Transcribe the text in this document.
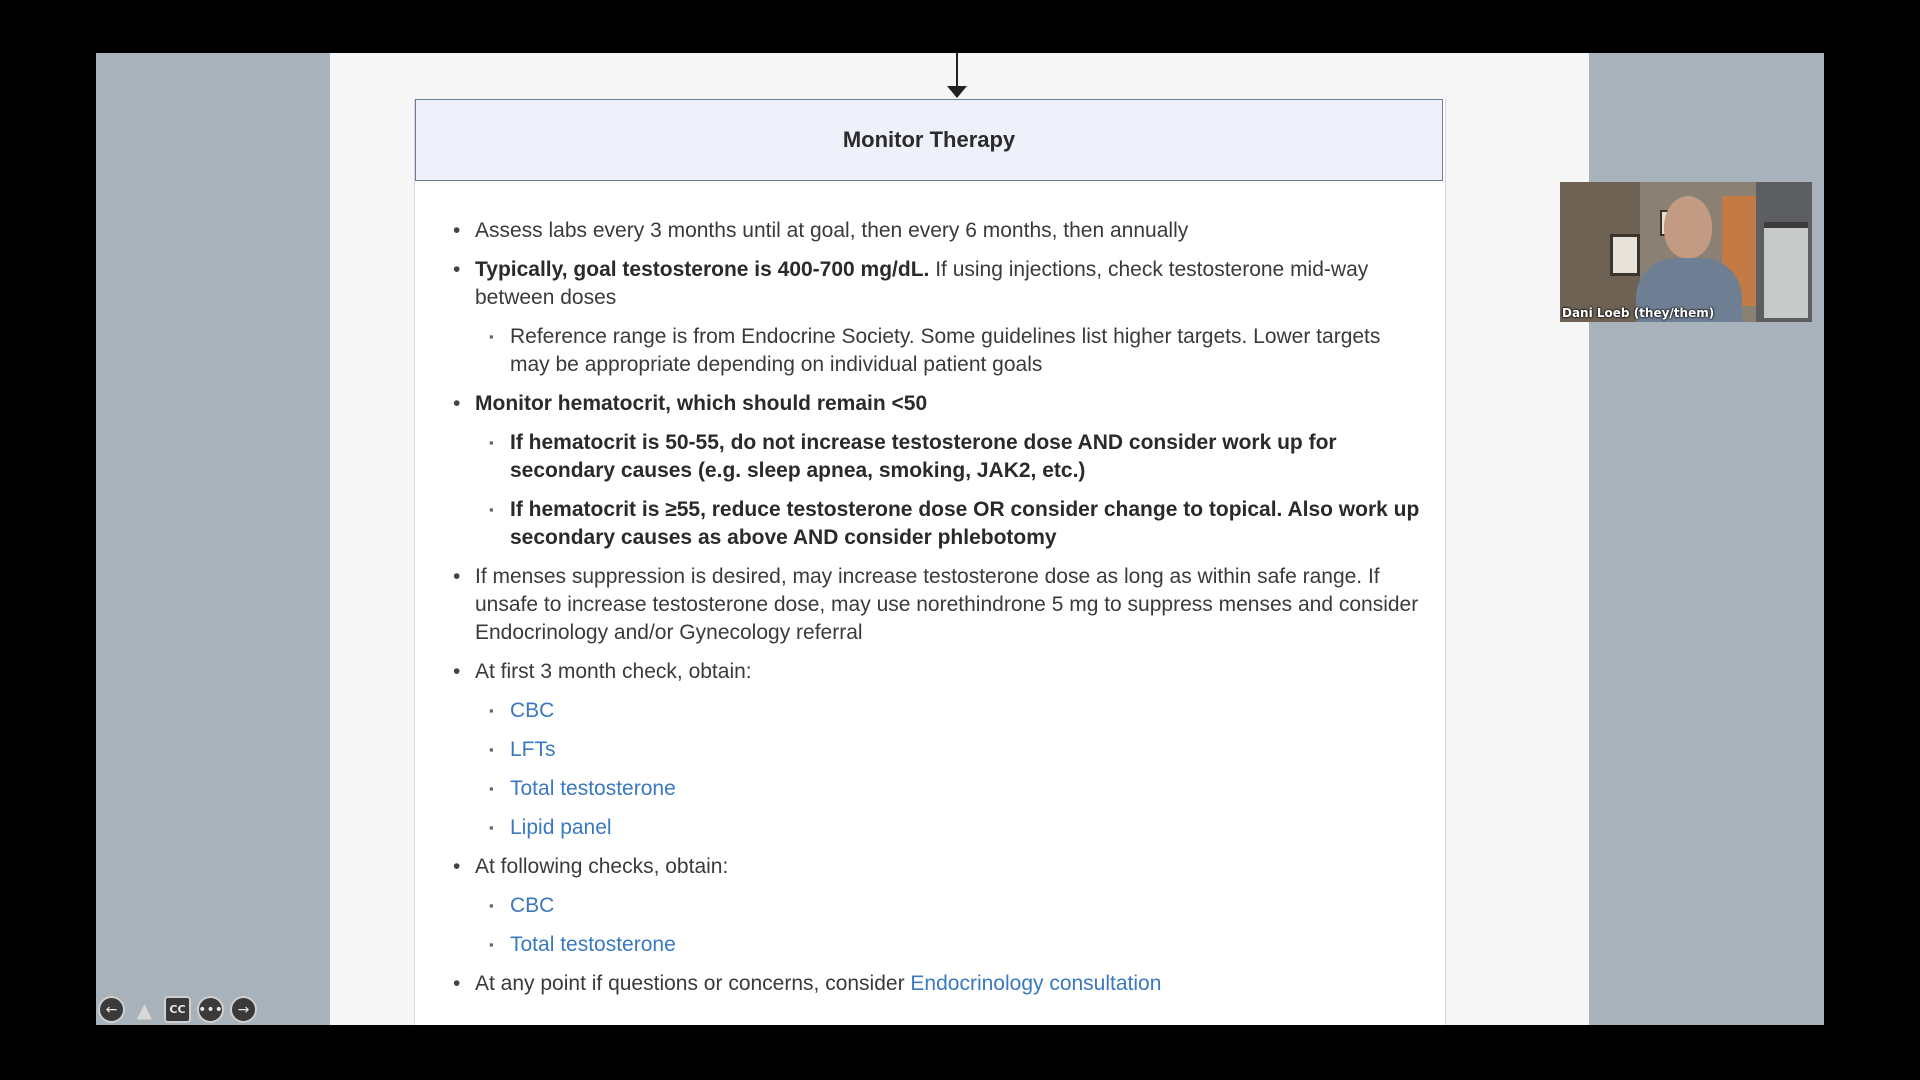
Monitor Therapy
• Assess labs every 3 months until at goal, then every 6 months, then annually
• Typically, goal testosterone is 400-700 mg/dL. If using injections, check testosterone mid-way between doses
▪ Reference range is from Endocrine Society. Some guidelines list higher targets. Lower targets may be appropriate depending on individual patient goals
• Monitor hematocrit, which should remain <50
▪ If hematocrit is 50-55, do not increase testosterone dose AND consider work up for secondary causes (e.g. sleep apnea, smoking, JAK2, etc.)
▪ If hematocrit is ≥55, reduce testosterone dose OR consider change to topical. Also work up secondary causes as above AND consider phlebotomy
• If menses suppression is desired, may increase testosterone dose as long as within safe range. If unsafe to increase testosterone dose, may use norethindrone 5 mg to suppress menses and consider Endocrinology and/or Gynecology referral
• At first 3 month check, obtain:
▪ CBC
▪ LFTs
▪ Total testosterone
▪ Lipid panel
• At following checks, obtain:
▪ CBC
▪ Total testosterone
• At any point if questions or concerns, consider Endocrinology consultation
Dani Loeb (they/them)
← ▲	CC •••	→
